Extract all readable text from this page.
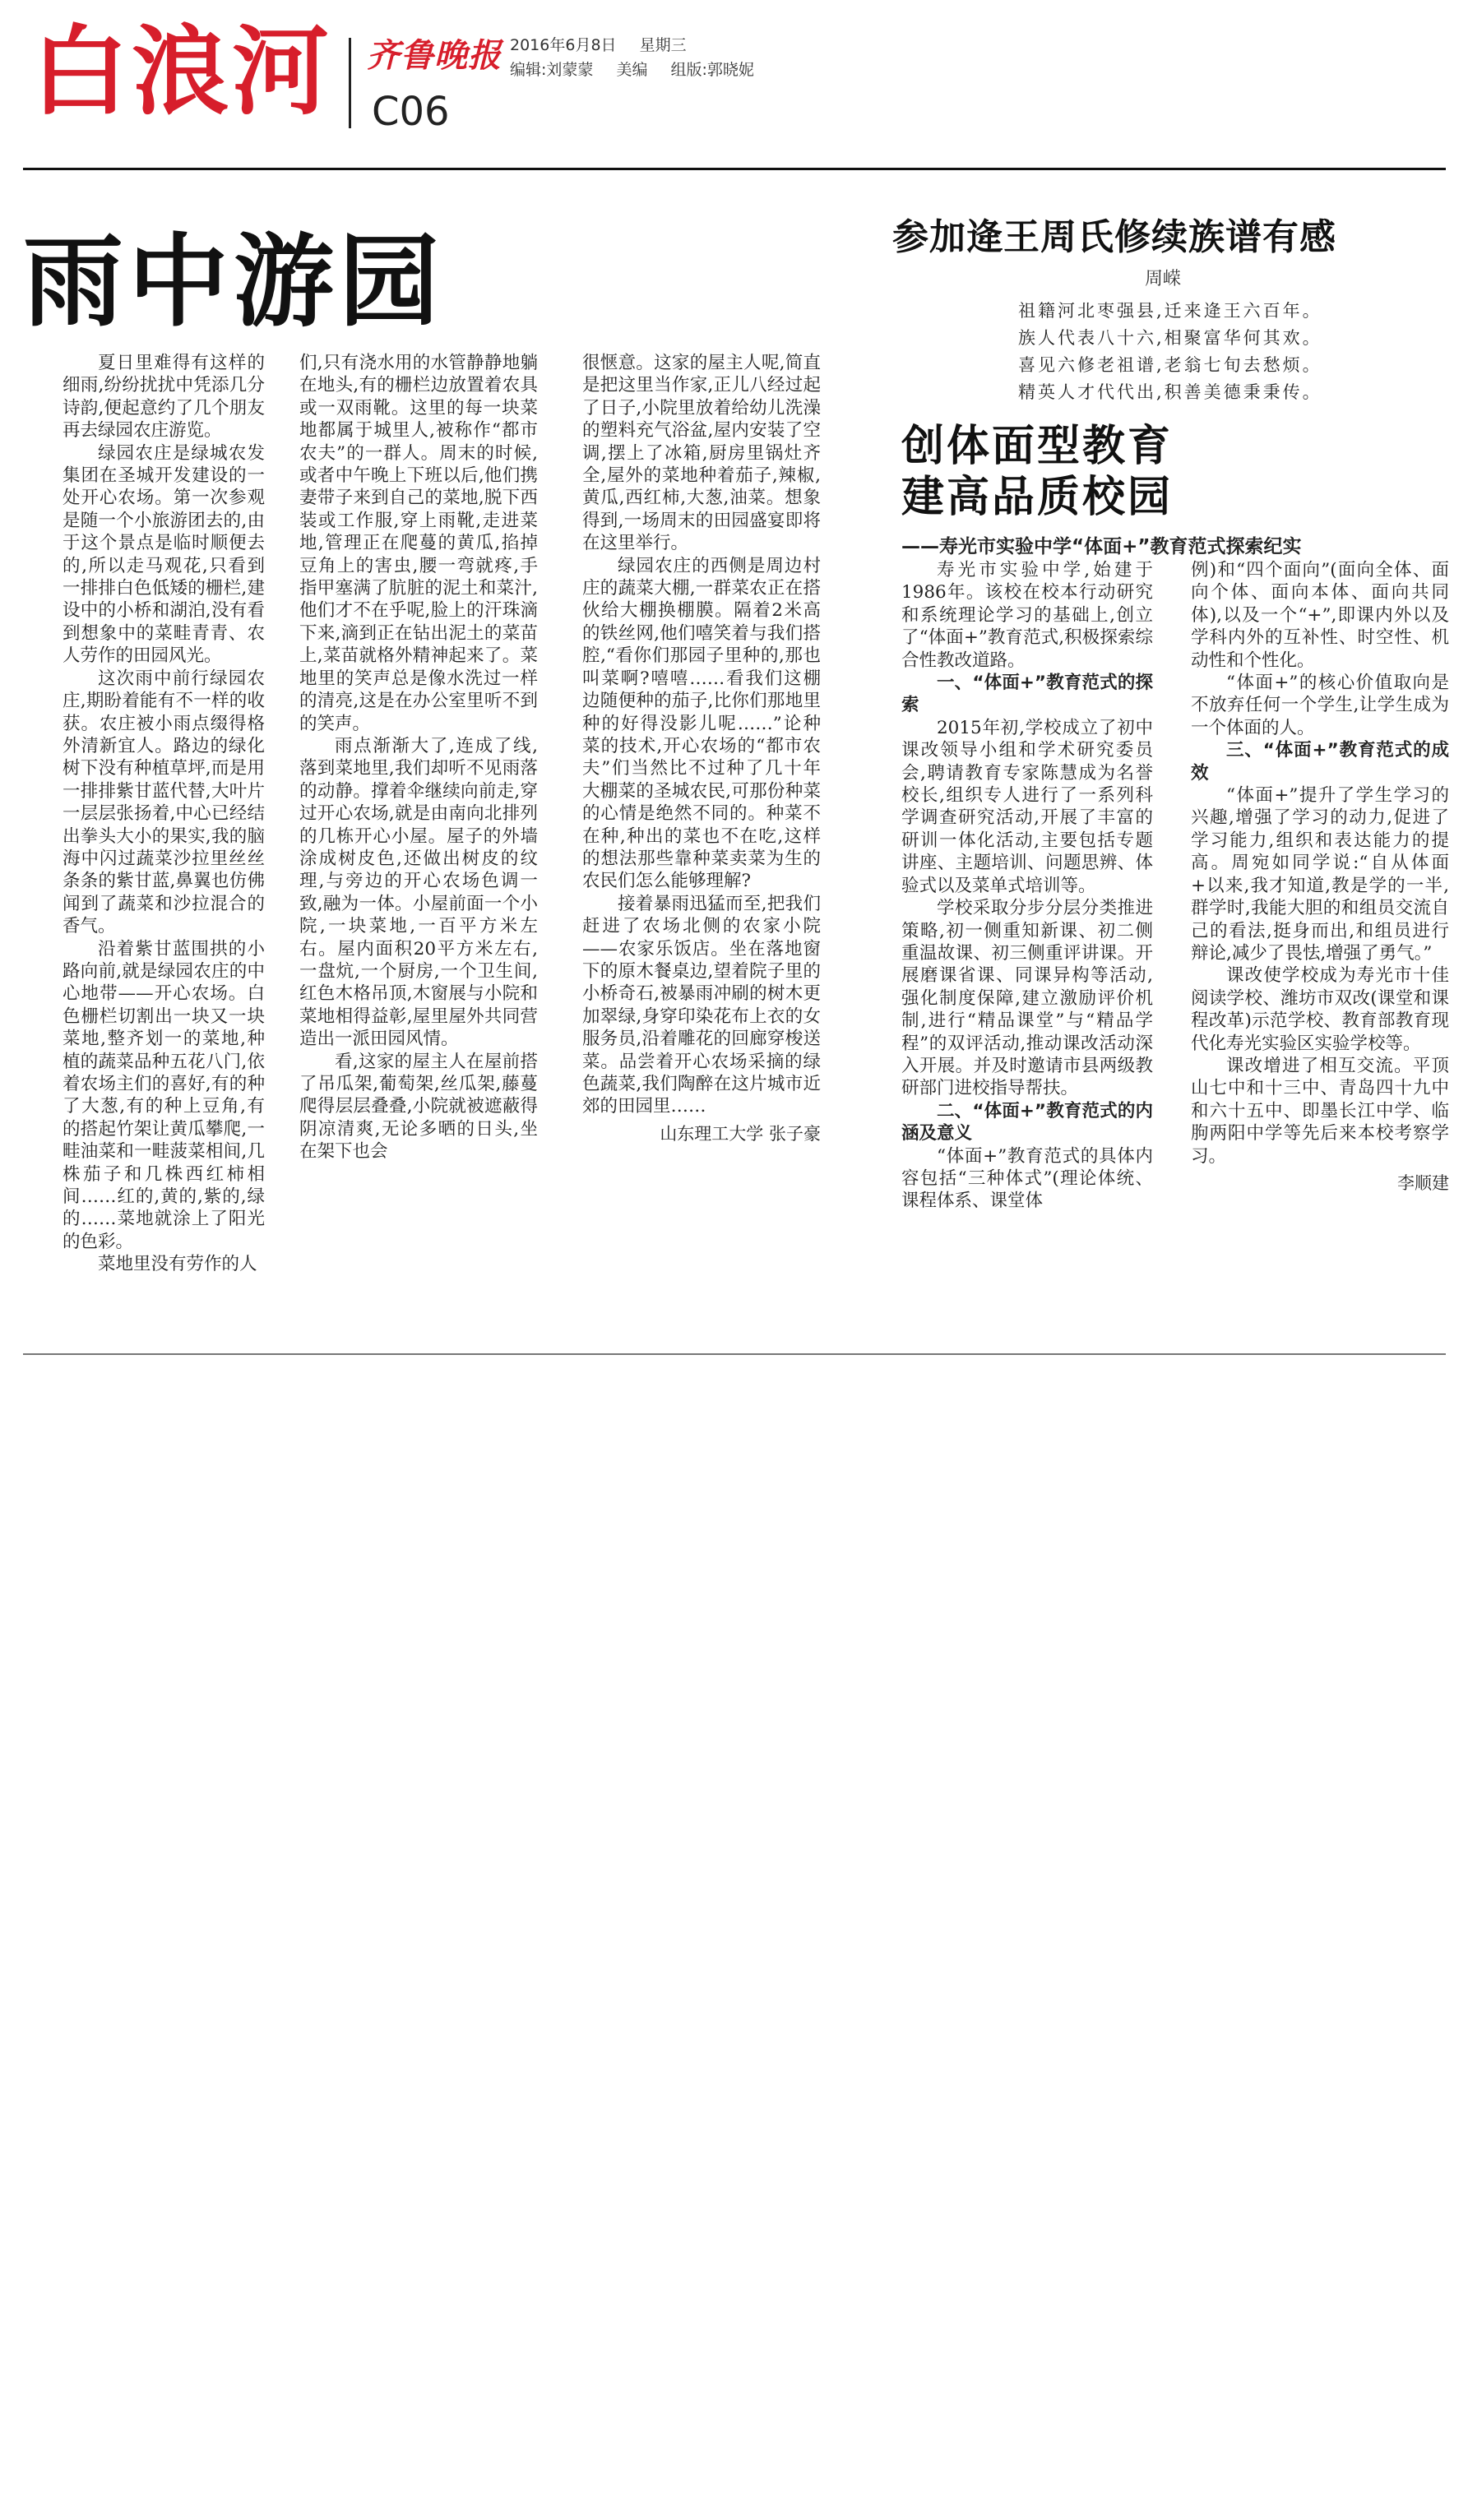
白浪河 齐鲁晚报
C06
2016年6月8日 星期三
编辑:刘蒙蒙 美编 组版:郭晓妮
雨中游园

夏日里难得有这样的细雨,纷纷扰扰中凭添几分诗韵,便起意约了几个朋友再去绿园农庄游览。

绿园农庄是绿城农发集团在圣城开发建设的一处开心农场。第一次参观是随一个小旅游团去的,由于这个景点是临时顺便去的,所以走马观花,只看到一排排白色低矮的栅栏,建设中的小桥和湖泊,没有看到想象中的菜畦青青、农人劳作的田园风光。

这次雨中前行绿园农庄,期盼着能有不一样的收获。农庄被小雨点缀得格外清新宜人。路边的绿化树下没有种植草坪,而是用一排排紫甘蓝代替,大叶片一层层张扬着,中心已经结出拳头大小的果实,我的脑海中闪过蔬菜沙拉里丝丝条条的紫甘蓝,鼻翼也仿佛闻到了蔬菜和沙拉混合的香气。

沿着紫甘蓝围拱的小路向前,就是绿园农庄的中心地带——开心农场。白色栅栏切割出一块又一块菜地,整齐划一的菜地,种植的蔬菜品种五花八门,依着农场主们的喜好,有的种了大葱,有的种上豆角,有的搭起竹架让黄瓜攀爬,一畦油菜和一畦菠菜相间,几株茄子和几株西红柿相间……红的,黄的,紫的,绿的……菜地就涂上了阳光的色彩。

菜地里没有劳作的人

们,只有浇水用的水管静静地躺在地头,有的栅栏边放置着农具或一双雨靴。这里的每一块菜地都属于城里人,被称作“都市农夫”的一群人。周末的时候,或者中午晚上下班以后,他们携妻带子来到自己的菜地,脱下西装或工作服,穿上雨靴,走进菜地,管理正在爬蔓的黄瓜,掐掉豆角上的害虫,腰一弯就疼,手指甲塞满了肮脏的泥土和菜汁,他们才不在乎呢,脸上的汗珠滴下来,滴到正在钻出泥土的菜苗上,菜苗就格外精神起来了。菜地里的笑声总是像水洗过一样的清亮,这是在办公室里听不到的笑声。

雨点渐渐大了,连成了线,落到菜地里,我们却听不见雨落的动静。撑着伞继续向前走,穿过开心农场,就是由南向北排列的几栋开心小屋。屋子的外墙涂成树皮色,还做出树皮的纹理,与旁边的开心农场色调一致,融为一体。小屋前面一个小院,一块菜地,一百平方米左右。屋内面积20平方米左右,一盘炕,一个厨房,一个卫生间,红色木格吊顶,木窗展与小院和菜地相得益彰,屋里屋外共同营造出一派田园风情。

看,这家的屋主人在屋前搭了吊瓜架,葡萄架,丝瓜架,藤蔓爬得层层叠叠,小院就被遮蔽得阴凉清爽,无论多晒的日头,坐在架下也会

很惬意。这家的屋主人呢,简直是把这里当作家,正儿八经过起了日子,小院里放着给幼儿洗澡的塑料充气浴盆,屋内安装了空调,摆上了冰箱,厨房里锅灶齐全,屋外的菜地种着茄子,辣椒,黄瓜,西红柿,大葱,油菜。想象得到,一场周末的田园盛宴即将在这里举行。

绿园农庄的西侧是周边村庄的蔬菜大棚,一群菜农正在搭伙给大棚换棚膜。隔着2米高的铁丝网,他们嘻笑着与我们搭腔,“看你们那园子里种的,那也叫菜啊?嘻嘻……看我们这棚边随便种的茄子,比你们那地里种的好得没影儿呢……”论种菜的技术,开心农场的“都市农夫”们当然比不过种了几十年大棚菜的圣城农民,可那份种菜的心情是绝然不同的。种菜不在种,种出的菜也不在吃,这样的想法那些靠种菜卖菜为生的农民们怎么能够理解?

接着暴雨迅猛而至,把我们赶进了农场北侧的农家小院——农家乐饭店。坐在落地窗下的原木餐桌边,望着院子里的小桥奇石,被暴雨冲刷的树木更加翠绿,身穿印染花布上衣的女服务员,沿着雕花的回廊穿梭送菜。品尝着开心农场采摘的绿色蔬菜,我们陶醉在这片城市近郊的田园里……

山东理工大学 张子豪

参加逄王周氏修续族谱有感
周嵘
祖籍河北枣强县,迁来逄王六百年。
族人代表八十六,相聚富华何其欢。
喜见六修老祖谱,老翁七旬去愁烦。
精英人才代代出,积善美德秉秉传。
创体面型教育
建高品质校园
——寿光市实验中学“体面+”教育范式探索纪实

寿光市实验中学,始建于1986年。该校在校本行动研究和系统理论学习的基础上,创立了“体面+”教育范式,积极探索综合性教改道路。

一、“体面+”教育范式的探索

2015年初,学校成立了初中课改领导小组和学术研究委员会,聘请教育专家陈慧成为名誉校长,组织专人进行了一系列科学调查研究活动,开展了丰富的研训一体化活动,主要包括专题讲座、主题培训、问题思辨、体验式以及菜单式培训等。

学校采取分步分层分类推进策略,初一侧重知新课、初二侧重温故课、初三侧重评讲课。开展磨课省课、同课异构等活动,强化制度保障,建立激励评价机制,进行“精品课堂”与“精品学程”的双评活动,推动课改活动深入开展。并及时邀请市县两级教研部门进校指导帮扶。

二、“体面+”教育范式的内涵及意义

“体面+”教育范式的具体内容包括“三种体式”(理论体统、课程体系、课堂体

例)和“四个面向”(面向全体、面向个体、面向本体、面向共同体),以及一个“+”,即课内外以及学科内外的互补性、时空性、机动性和个性化。

“体面+”的核心价值取向是不放弃任何一个学生,让学生成为一个体面的人。

三、“体面+”教育范式的成效

“体面+”提升了学生学习的兴趣,增强了学习的动力,促进了学习能力,组织和表达能力的提高。周宛如同学说:“自从体面+以来,我才知道,教是学的一半,群学时,我能大胆的和组员交流自己的看法,挺身而出,和组员进行辩论,减少了畏怯,增强了勇气。”

课改使学校成为寿光市十佳阅读学校、潍坊市双改(课堂和课程改革)示范学校、教育部教育现代化寿光实验区实验学校等。

课改增进了相互交流。平顶山七中和十三中、青岛四十九中和六十五中、即墨长江中学、临朐两阳中学等先后来本校考察学习。

李顺建
